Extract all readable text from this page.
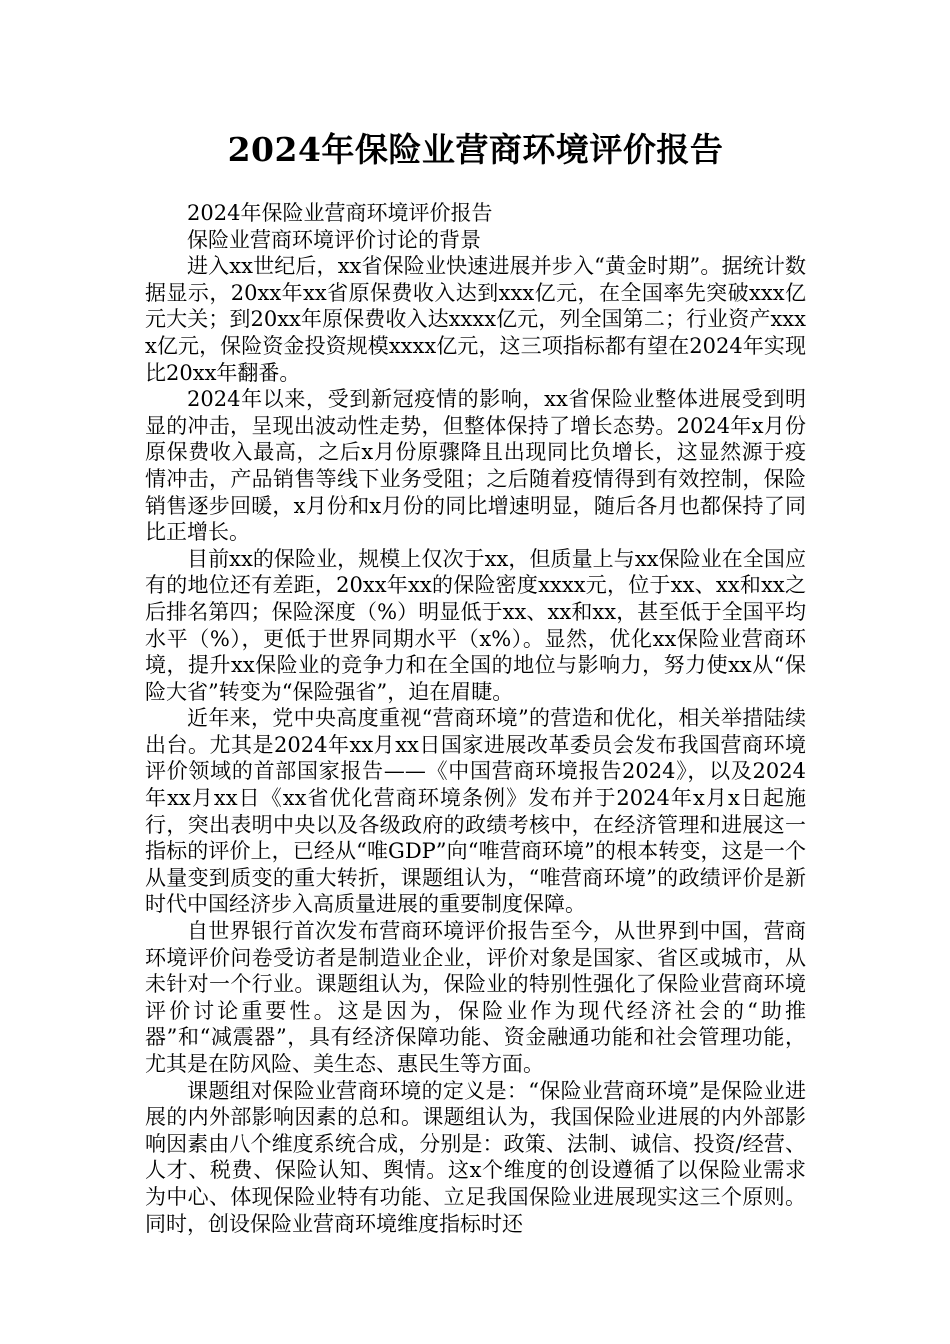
2024年保险业营商环境评价报告

2024年保险业营商环境评价报告

保险业营商环境评价讨论的背景

进入xx世纪后，xx省保险业快速进展并步入“黄金时期”。据统计数据显示，20xx年xx省原保费收入达到xxx亿元，在全国率先突破xxx亿元大关；到20xx年原保费收入达xxxx亿元，列全国第二；行业资产xxxx亿元，保险资金投资规模xxxx亿元，这三项指标都有望在2024年实现比20xx年翻番。

2024年以来，受到新冠疫情的影响，xx省保险业整体进展受到明显的冲击，呈现出波动性走势，但整体保持了增长态势。2024年x月份原保费收入最高，之后x月份原骤降且出现同比负增长，这显然源于疫情冲击，产品销售等线下业务受阻；之后随着疫情得到有效控制，保险销售逐步回暖，x月份和x月份的同比增速明显，随后各月也都保持了同比正增长。

目前xx的保险业，规模上仅次于xx，但质量上与xx保险业在全国应有的地位还有差距，20xx年xx的保险密度xxxx元，位于xx、xx和xx之后排名第四；保险深度（%）明显低于xx、xx和xx，甚至低于全国平均水平（%），更低于世界同期水平（x%）。显然，优化xx保险业营商环境，提升xx保险业的竞争力和在全国的地位与影响力，努力使xx从“保险大省”转变为“保险强省”，迫在眉睫。

近年来，党中央高度重视“营商环境”的营造和优化，相关举措陆续出台。尤其是2024年xx月xx日国家进展改革委员会发布我国营商环境评价领域的首部国家报告——《中国营商环境报告2024》，以及2024年xx月xx日《xx省优化营商环境条例》发布并于2024年x月x日起施行，突出表明中央以及各级政府的政绩考核中，在经济管理和进展这一指标的评价上，已经从“唯GDP”向“唯营商环境”的根本转变，这是一个从量变到质变的重大转折，课题组认为，“唯营商环境”的政绩评价是新时代中国经济步入高质量进展的重要制度保障。

自世界银行首次发布营商环境评价报告至今，从世界到中国，营商环境评价问卷受访者是制造业企业，评价对象是国家、省区或城市，从未针对一个行业。课题组认为，保险业的特别性强化了保险业营商环境评价讨论重要性。这是因为，保险业作为现代经济社会的“助推器”和“减震器”，具有经济保障功能、资金融通功能和社会管理功能，尤其是在防风险、美生态、惠民生等方面。

课题组对保险业营商环境的定义是：“保险业营商环境”是保险业进展的内外部影响因素的总和。课题组认为，我国保险业进展的内外部影响因素由八个维度系统合成，分别是：政策、法制、诚信、投资/经营、人才、税费、保险认知、舆情。这x个维度的创设遵循了以保险业需求为中心、体现保险业特有功能、立足我国保险业进展现实这三个原则。同时，创设保险业营商环境维度指标时还
